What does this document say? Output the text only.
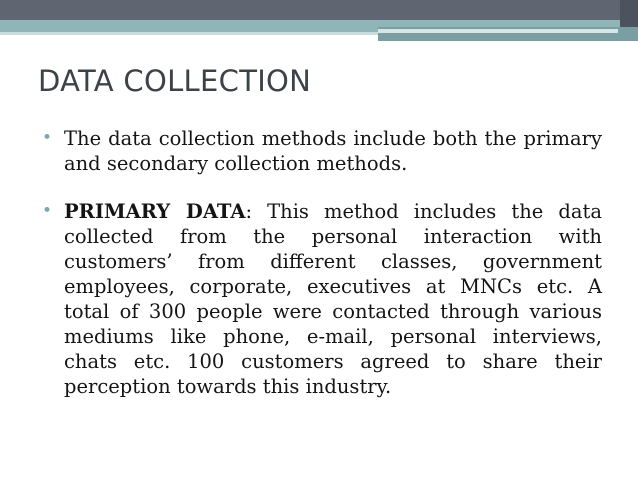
DATA COLLECTION
• The data collection methods include both the primary and secondary collection methods.
• PRIMARY DATA: This method includes the data collected from the personal interaction with customers’ from different classes, government employees, corporate, executives at MNCs etc. A total of 300 people were contacted through various mediums like phone, e-mail, personal interviews, chats etc. 100 customers agreed to share their perception towards this industry.
